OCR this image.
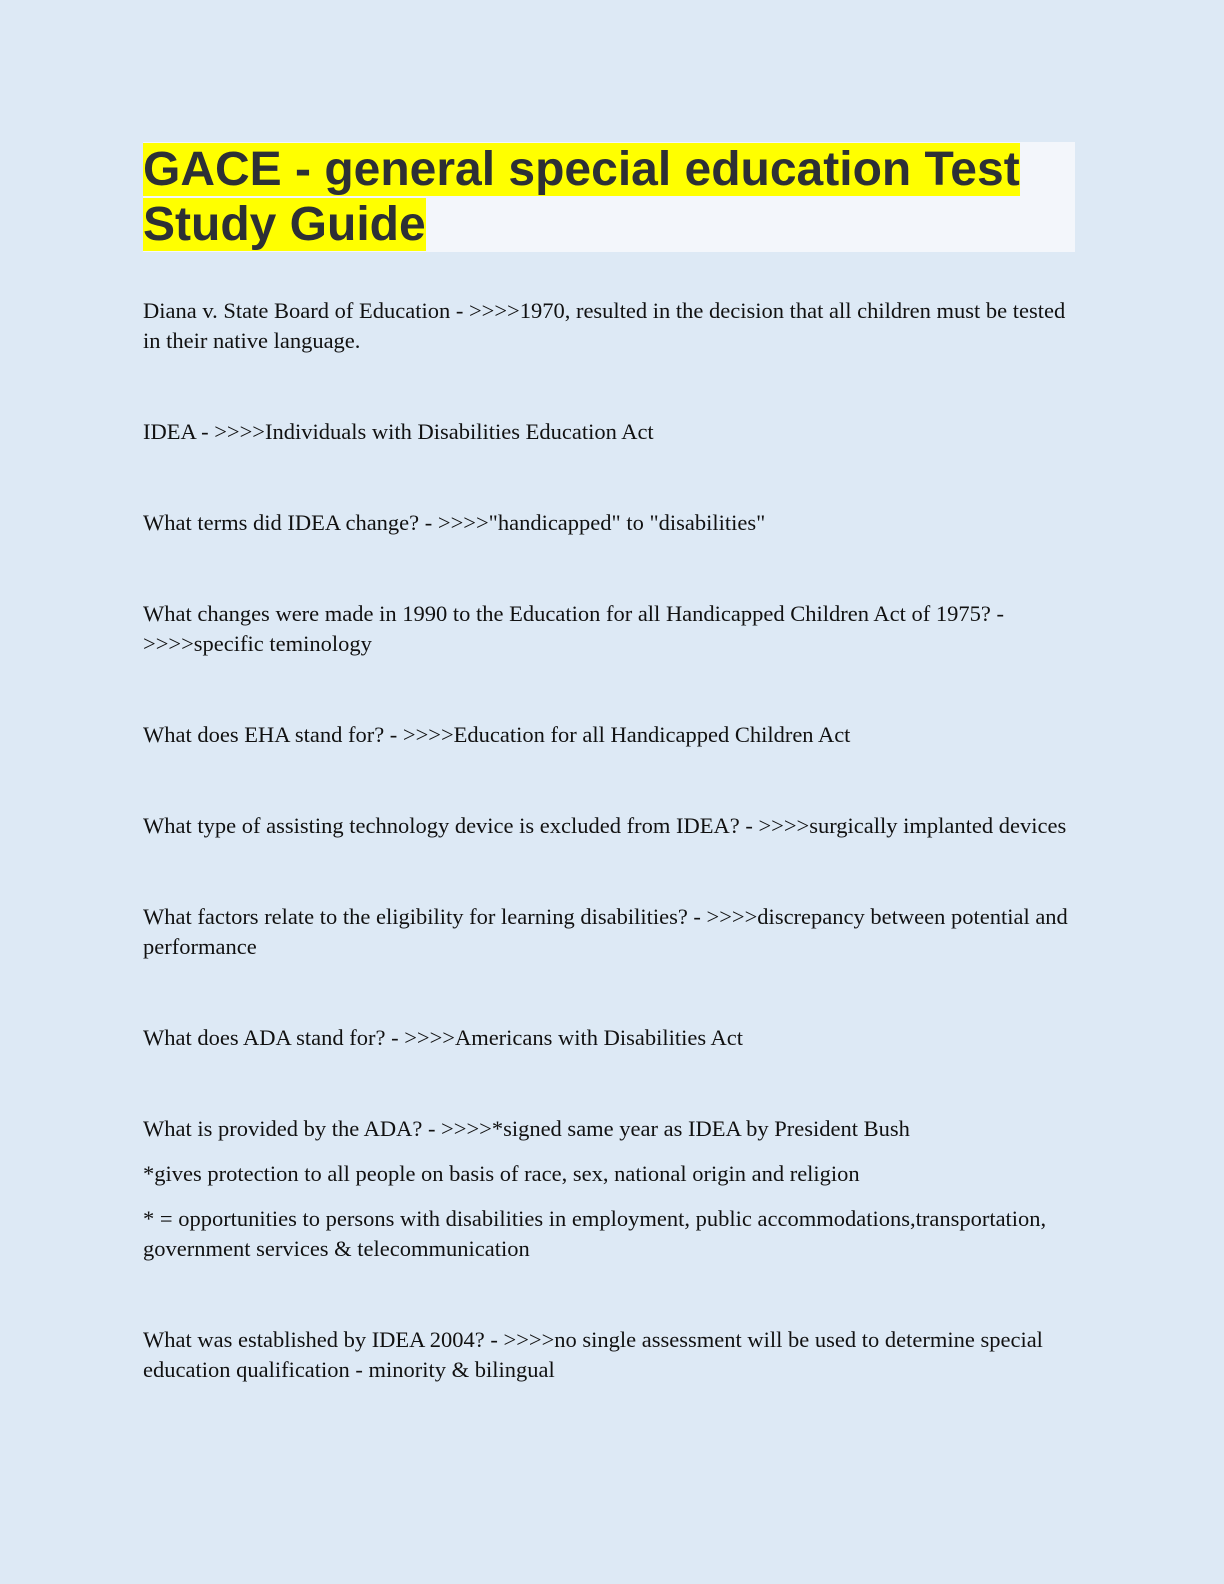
GACE - general special education Test Study Guide

Diana v. State Board of Education - >>>>1970, resulted in the decision that all children must be tested in their native language.

IDEA - >>>>Individuals with Disabilities Education Act

What terms did IDEA change? - >>>>"handicapped" to "disabilities"

What changes were made in 1990 to the Education for all Handicapped Children Act of 1975? - >>>>specific teminology

What does EHA stand for? - >>>>Education for all Handicapped Children Act

What type of assisting technology device is excluded from IDEA? - >>>>surgically implanted devices

What factors relate to the eligibility for learning disabilities? - >>>>discrepancy between potential and performance

What does ADA stand for? - >>>>Americans with Disabilities Act

What is provided by the ADA? - >>>>*signed same year as IDEA by President Bush

*gives protection to all people on basis of race, sex, national origin and religion

* = opportunities to persons with disabilities in employment, public accommodations,transportation, government services & telecommunication

What was established by IDEA 2004? - >>>>no single assessment will be used to determine special education qualification - minority & bilingual
